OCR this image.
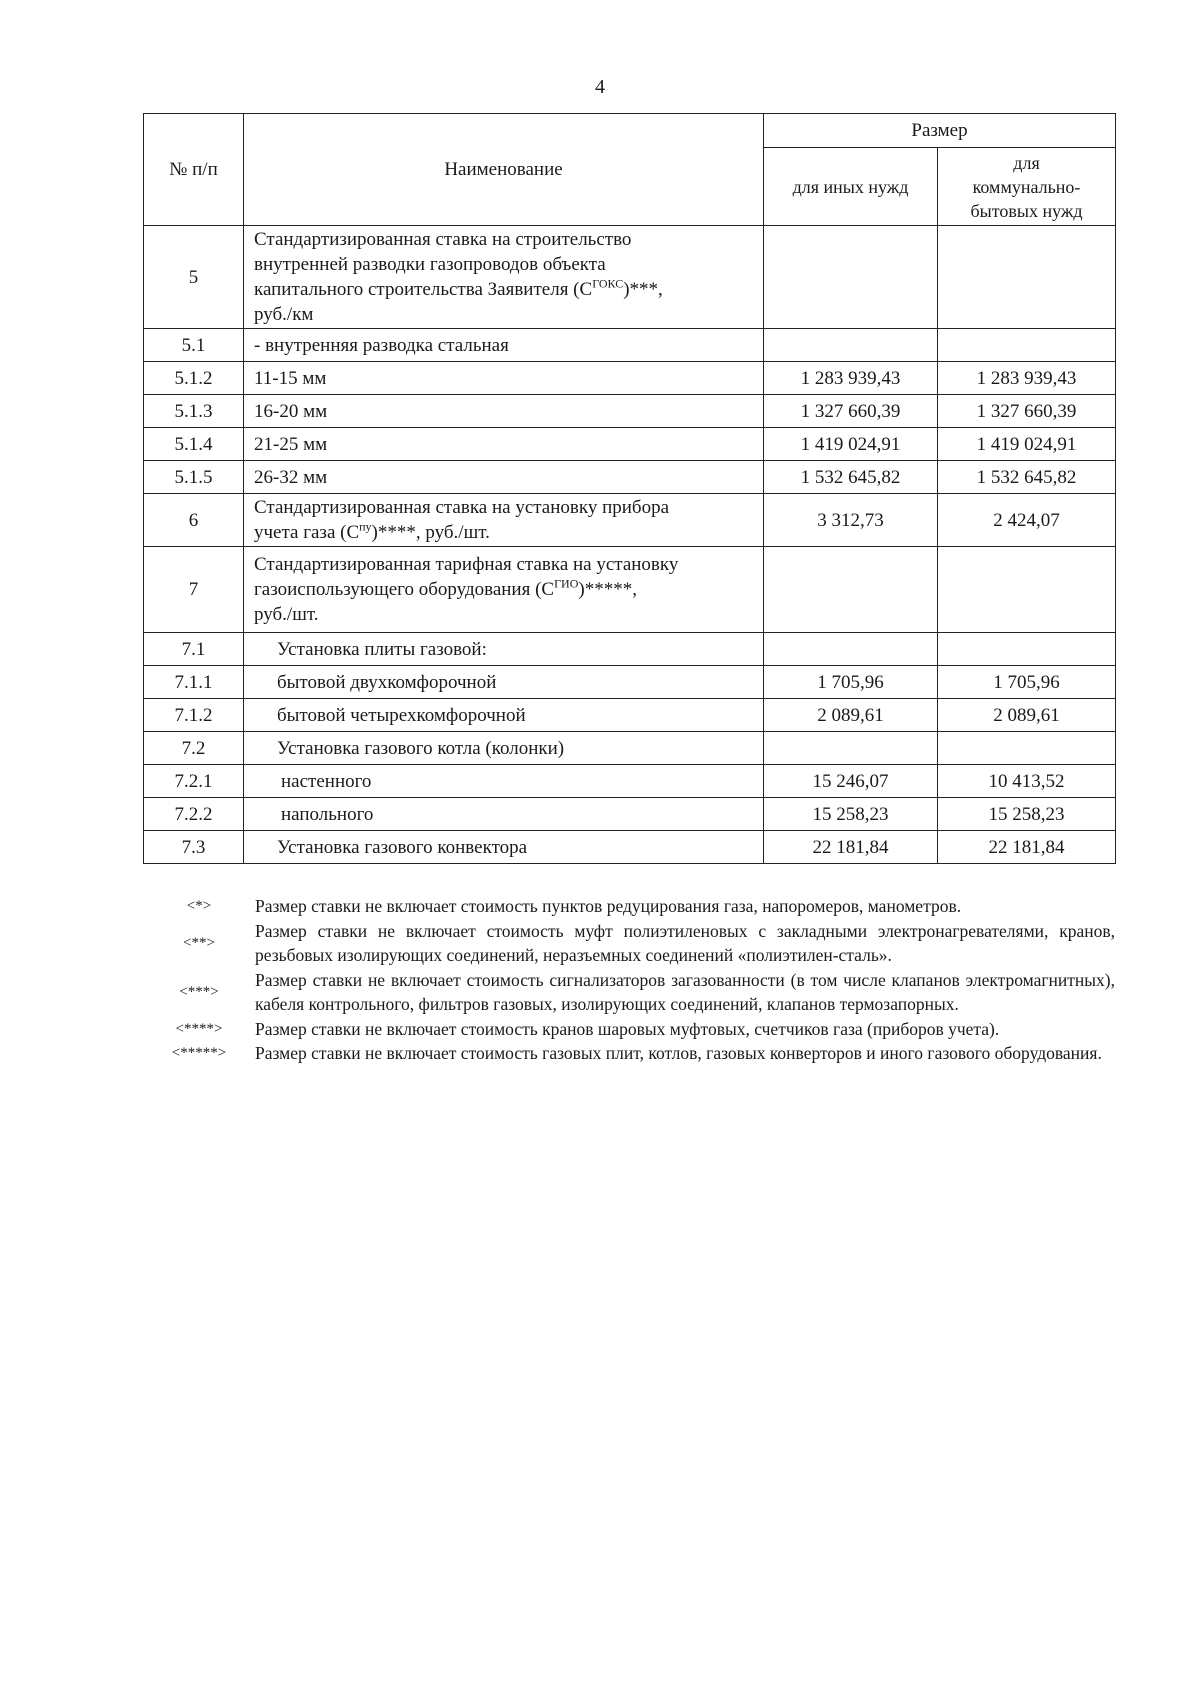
4
№ п/п	Наименование	Размер	
		для иных нужд	для
коммунально-
бытовых нужд

5	Стандартизированная ставка на строительство
внутренней разводки газопроводов объекта
капитального строительства Заявителя $(С^{ГОКС})***$,
руб./км		

5.1	- внутренняя разводка стальная		
5.1.2	11-15 мм	1 283 939,43	1 283 939,43
5.1.3	16-20 мм	1 327 660,39	1 327 660,39
5.1.4	21-25 мм	1 419 024,91	1 419 024,91
5.1.5	26-32 мм	1 532 645,82	1 532 645,82
6	Стандартизированная ставка на установку прибора
учета газа $(С^{пу})****$, руб./шт.	3 312,73	2 424,07
7	Стандартизированная тарифная ставка на установку
газоиспользующего оборудования $(С^{ГИО})*****$,
руб./шт.		

7.1	Установка плиты газовой:		
7.1.1	бытовой двухкомфорочной	1 705,96	1 705,96
7.1.2	бытовой четырехкомфорочной	2 089,61	2 089,61
7.2	Установка газового котла (колонки)		
7.2.1	настенного	15 246,07	10 413,52
7.2.2	напольного	15 258,23	15 258,23
7.3	Установка газового конвектора	22 181,84	22 181,84
<*>	Размер ставки не включает стоимость пунктов редуцирования газа, напоромеров, манометров.
<**>
Размер ставки не включает стоимость муфт полиэтиленовых с закладными электронагревателями, кранов, резьбовых изолирующих соединений, неразъемных соединений «полиэтилен-сталь».
<***>
Размер ставки не включает стоимость сигнализаторов загазованности (в том числе клапанов электромагнитных), кабеля контрольного, фильтров газовых, изолирующих соединений, клапанов термозапорных.
<****>	Размер ставки не включает стоимость кранов шаровых муфтовых, счетчиков газа (приборов учета).
<*****>	Размер ставки не включает стоимость газовых плит, котлов, газовых конверторов и иного газового оборудования.
